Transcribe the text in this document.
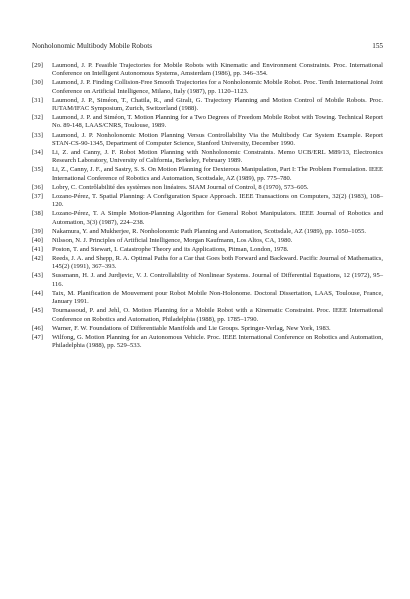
Nonholonomic Multibody Mobile Robots	155
[29]	Laumond, J. P. Feasible Trajectories for Mobile Robots with Kinematic and Environment Constraints. Proc. International Conference on Intelligent Autonomous Systems, Amsterdam (1986), pp. 346–354.
[30]	Laumond, J. P. Finding Collision-Free Smooth Trajectories for a Nonholonomic Mobile Robot. Proc. Tenth International Joint Conference on Artificial Intelligence, Milano, Italy (1987), pp. 1120–1123.
[31]	Laumond, J. P., Siméon, T., Chatila, R., and Giralt, G. Trajectory Planning and Motion Control of Mobile Robots. Proc. IUTAM/IFAC Symposium, Zurich, Switzerland (1988).
[32]	Laumond, J. P. and Siméon, T. Motion Planning for a Two Degrees of Freedom Mobile Robot with Towing. Technical Report No. 89-148, LAAS/CNRS, Toulouse, 1989.
[33]	Laumond, J. P. Nonholonomic Motion Planning Versus Controllability Via the Multibody Car System Example. Report STAN-CS-90-1345, Department of Computer Science, Stanford University, December 1990.
[34]	Li, Z. and Canny, J. F. Robot Motion Planning with Nonholonomic Constraints. Memo UCB/ERL M89/13, Electronics Research Laboratory, University of California, Berkeley, February 1989.
[35]	Li, Z., Canny, J. F., and Sastry, S. S. On Motion Planning for Dexterous Manipulation, Part I: The Problem Formulation. IEEE International Conference of Robotics and Automation, Scottsdale, AZ (1989), pp. 775–780.
[36]	Lobry, C. Contrôlabilité des systèmes non linéaires. SIAM Journal of Control, 8 (1970), 573–605.
[37]	Lozano-Pérez, T. Spatial Planning: A Configuration Space Approach. IEEE Transactions on Computers, 32(2) (1983), 108–120.
[38]	Lozano-Pérez, T. A Simple Motion-Planning Algorithm for General Robot Manipulators. IEEE Journal of Robotics and Automation, 3(3) (1987), 224–238.
[39]	Nakamura, Y. and Mukherjee, R. Nonholonomic Path Planning and Automation, Scottsdale, AZ (1989), pp. 1050–1055.
[40]	Nilsson, N. J. Principles of Artificial Intelligence, Morgan Kaufmann, Los Altos, CA, 1980.
[41]	Poston, T. and Stewart, I. Catastrophe Theory and its Applications, Pitman, London, 1978.
[42]	Reeds, J. A. and Shepp, R. A. Optimal Paths for a Car that Goes both Forward and Backward. Pacific Journal of Mathematics, 145(2) (1991), 367–393.
[43]	Sussmann, H. J. and Jurdjevic, V. J. Controllability of Nonlinear Systems. Journal of Differential Equations, 12 (1972), 95–116.
[44]	Taix, M. Planification de Mouvement pour Robot Mobile Non-Holonome. Doctoral Dissertation, LAAS, Toulouse, France, January 1991.
[45]	Tournassoud, P. and Jehl, O. Motion Planning for a Mobile Robot with a Kinematic Constraint. Proc. IEEE International Conference on Robotics and Automation, Philadelphia (1988), pp. 1785–1790.
[46]	Warner, F. W. Foundations of Differentiable Manifolds and Lie Groups. Springer-Verlag, New York, 1983.
[47]	Wilfong, G. Motion Planning for an Autonomous Vehicle. Proc. IEEE International Conference on Robotics and Automation, Philadelphia (1988), pp. 529–533.
